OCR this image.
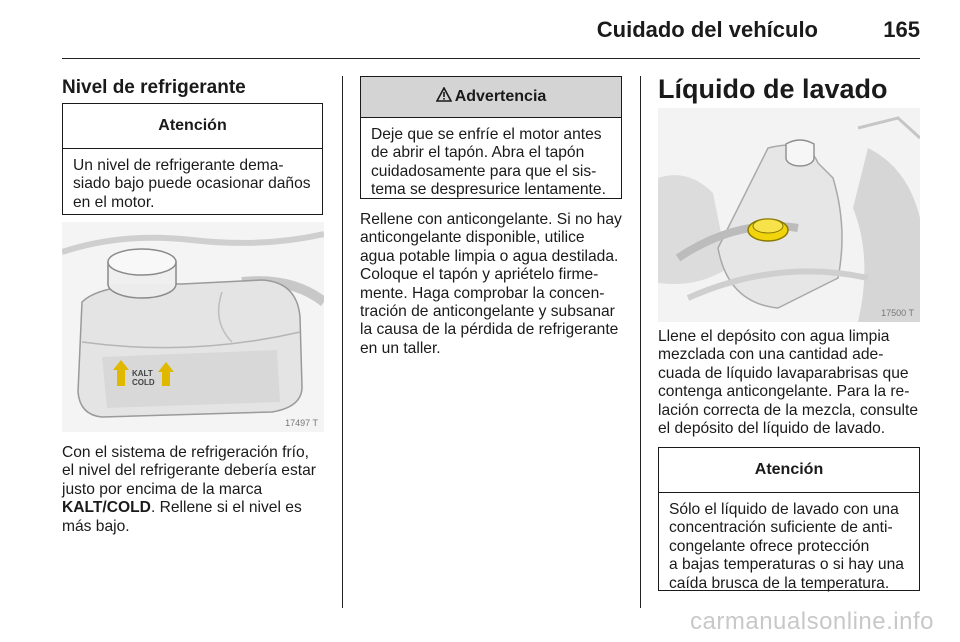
Cuidado del vehículo	165
Nivel de refrigerante
Atención
Un nivel de refrigerante dema-
siado bajo puede ocasionar daños
en el motor.
KALT COLD
17497 T

Con el sistema de refrigeración frío,
el nivel del refrigerante debería estar
justo por encima de la marca
KALT/COLD. Rellene si el nivel es
más bajo.

Advertencia
Deje que se enfríe el motor antes
de abrir el tapón. Abra el tapón
cuidadosamente para que el sis-
tema se despresurice lentamente.
Rellene con anticongelante. Si no hay
anticongelante disponible, utilice
agua potable limpia o agua destilada.
Coloque el tapón y apriételo firme-
mente. Haga comprobar la concen-
tración de anticongelante y subsanar
la causa de la pérdida de refrigerante
en un taller.
Líquido de lavado
17500 T
Llene el depósito con agua limpia
mezclada con una cantidad ade-
cuada de líquido lavaparabrisas que
contenga anticongelante. Para la re-
lación correcta de la mezcla, consulte
el depósito del líquido de lavado.
Atención
Sólo el líquido de lavado con una
concentración suficiente de anti-
congelante ofrece protección
a bajas temperaturas o si hay una
caída brusca de la temperatura.
carmanualsonline.info
